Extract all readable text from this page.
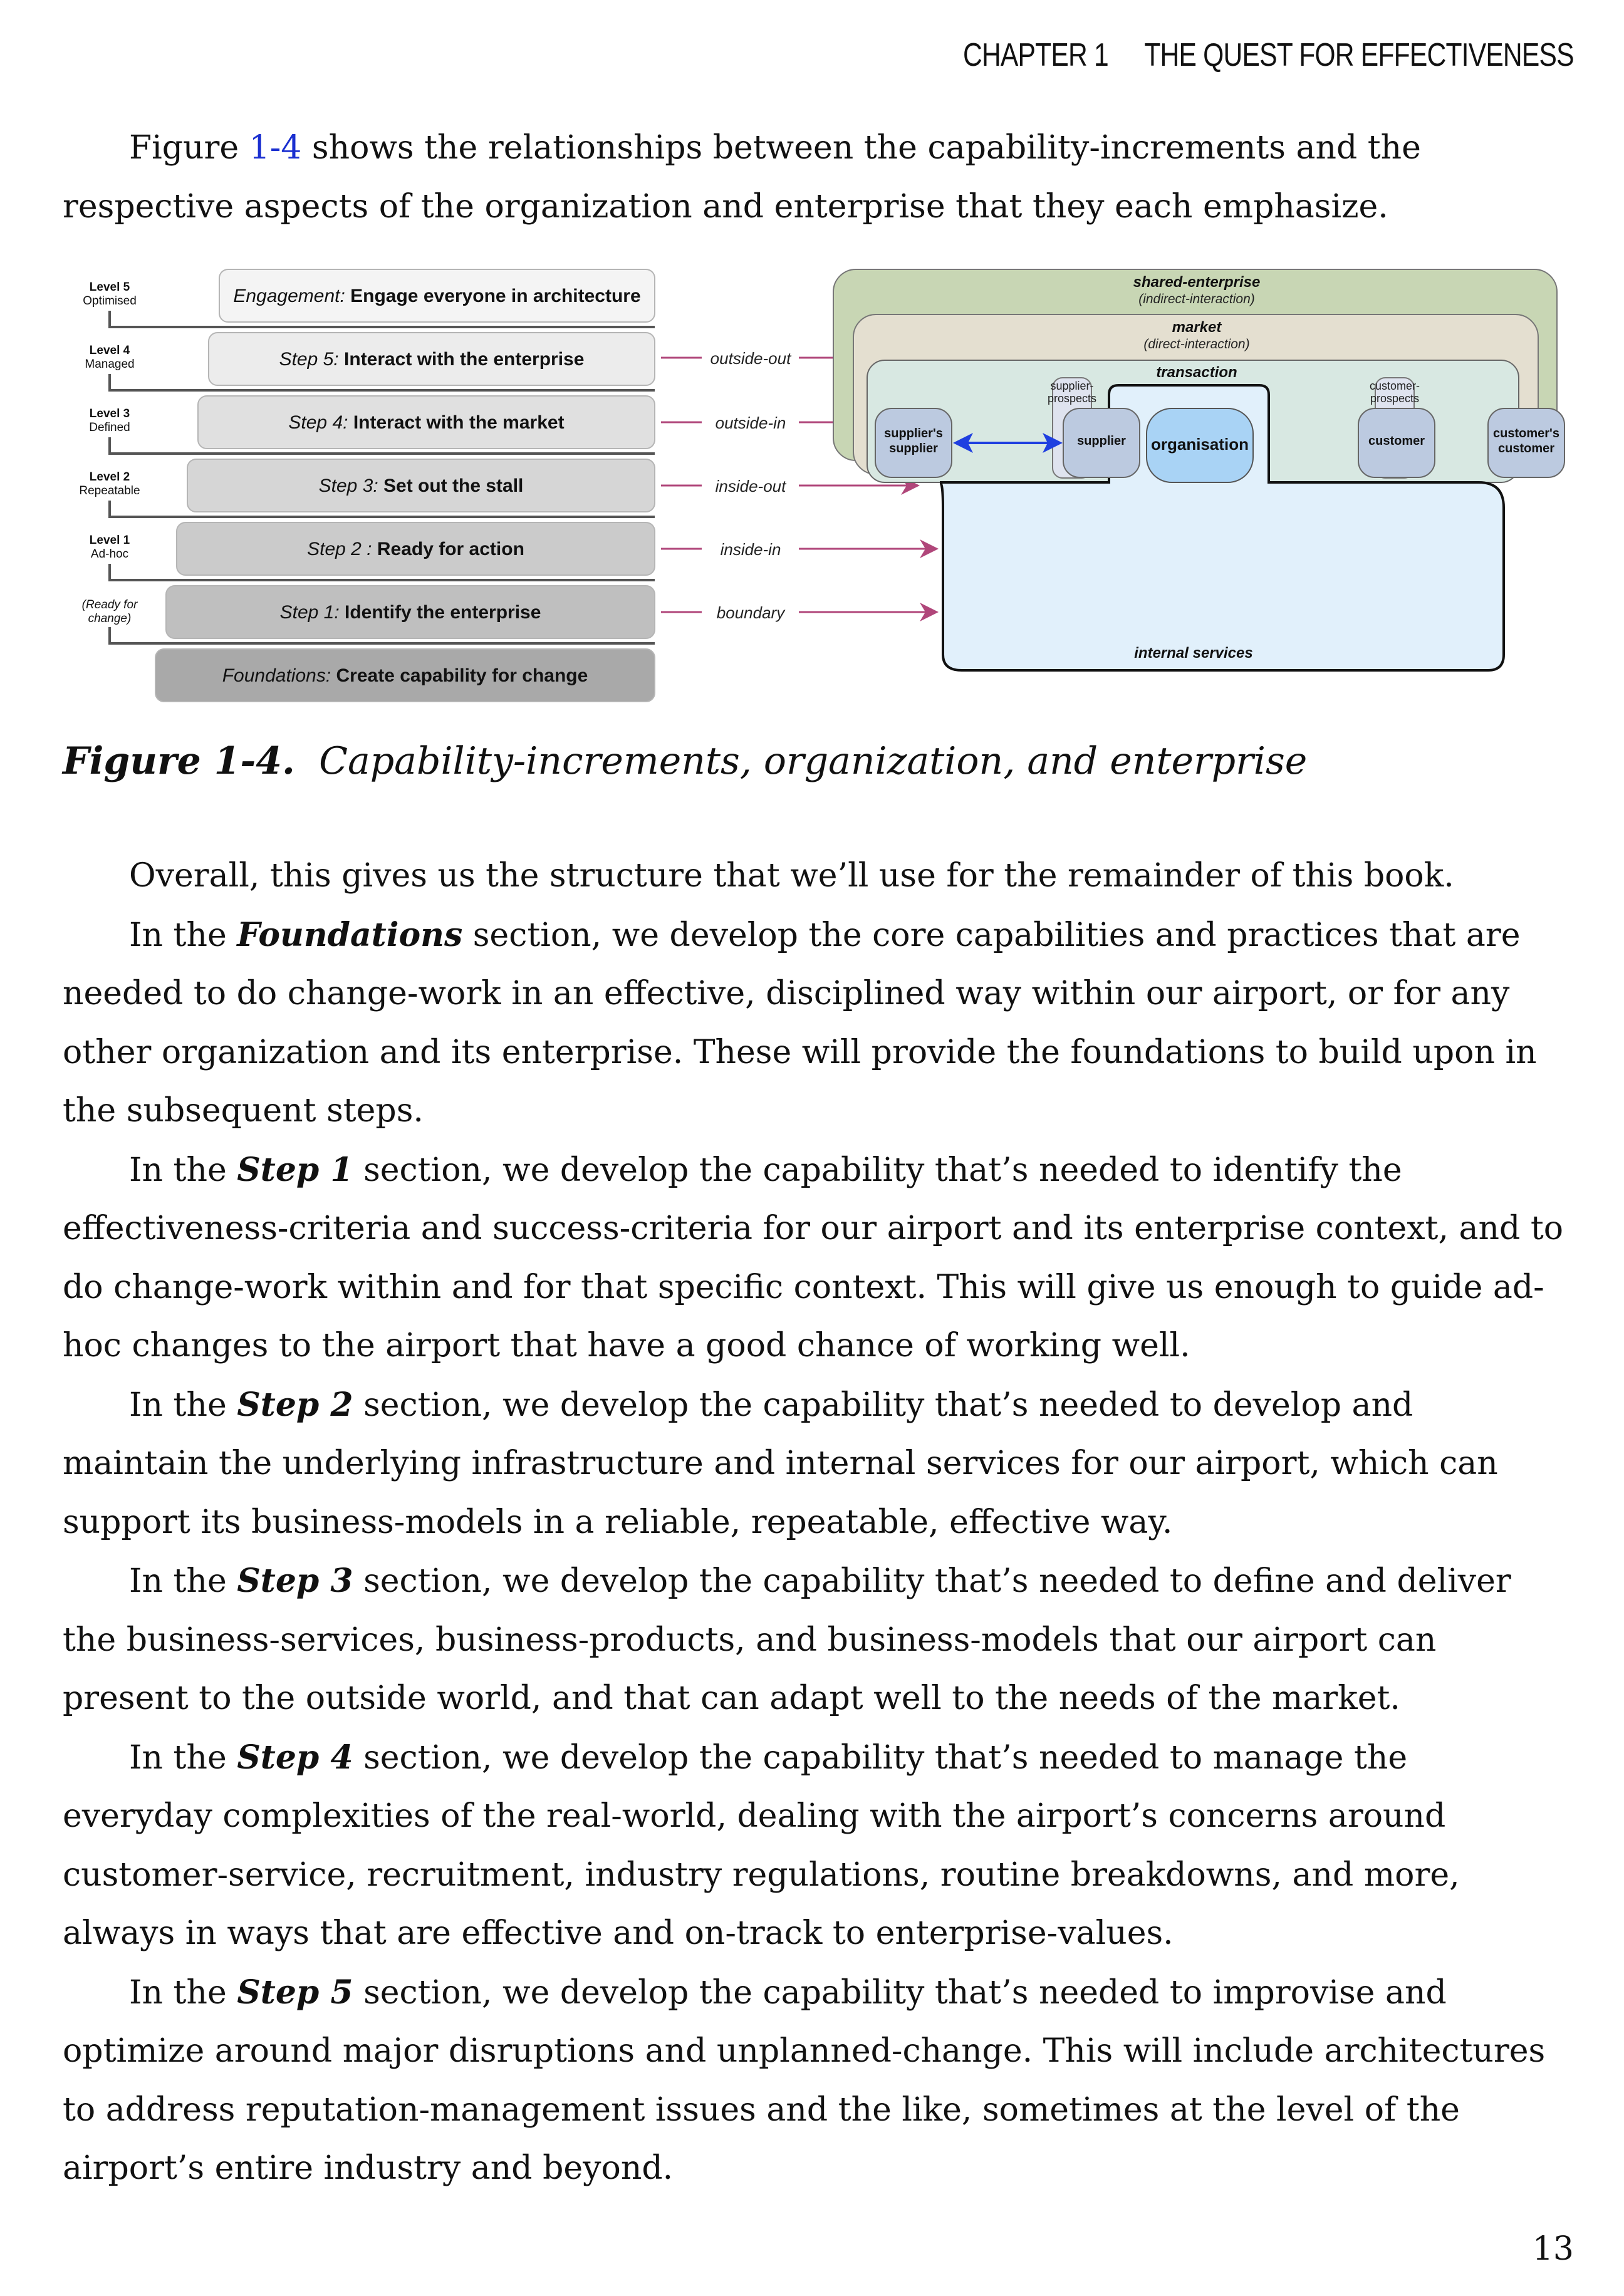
CHAPTER 1 THE QUEST FOR EFFECTIVENESS

Figure 1-4 shows the relationships between the capability-increments and the respective aspects of the organization and enterprise that they each emphasize.

Engagement: Engage everyone in architecture
Step 5: Interact with the enterprise
Step 4: Interact with the market
Step 3: Set out the stall
Step 2 : Ready for action
Step 1: Identify the enterprise
Foundations: Create capability for change
Level 5
Optimised
Level 4
Managed
Level 3
Defined
Level 2
Repeatable
Level 1
Ad-hoc
(Ready for
change)
outside-out
outside-in
inside-out
inside-in
boundary
shared-enterprise
(indirect-interaction)
market
(direct-interaction)
transaction
internal services
supplier-
prospects
customer-
prospects
supplier's
supplier
supplier	customer
customer's
customer
organisation
Figure 1-4. Capability-increments, organization, and enterprise

Overall, this gives us the structure that we’ll use for the remainder of this book.

In the Foundations section, we develop the core capabilities and practices that are needed to do change-work in an effective, disciplined way within our airport, or for any other organization and its enterprise. These will provide the foundations to build upon in the subsequent steps.

In the Step 1 section, we develop the capability that’s needed to identify the effectiveness-criteria and success-criteria for our airport and its enterprise context, and to do change-work within and for that specific context. This will give us enough to guide ad-hoc changes to the airport that have a good chance of working well.

In the Step 2 section, we develop the capability that’s needed to develop and maintain the underlying infrastructure and internal services for our airport, which can support its business-models in a reliable, repeatable, effective way.

In the Step 3 section, we develop the capability that’s needed to define and deliver the business-services, business-products, and business-models that our airport can present to the outside world, and that can adapt well to the needs of the market.

In the Step 4 section, we develop the capability that’s needed to manage the everyday complexities of the real-world, dealing with the airport’s concerns around customer-service, recruitment, industry regulations, routine breakdowns, and more, always in ways that are effective and on-track to enterprise-values.

In the Step 5 section, we develop the capability that’s needed to improvise and optimize around major disruptions and unplanned-change. This will include architectures to address reputation-management issues and the like, sometimes at the level of the airport’s entire industry and beyond.

13
